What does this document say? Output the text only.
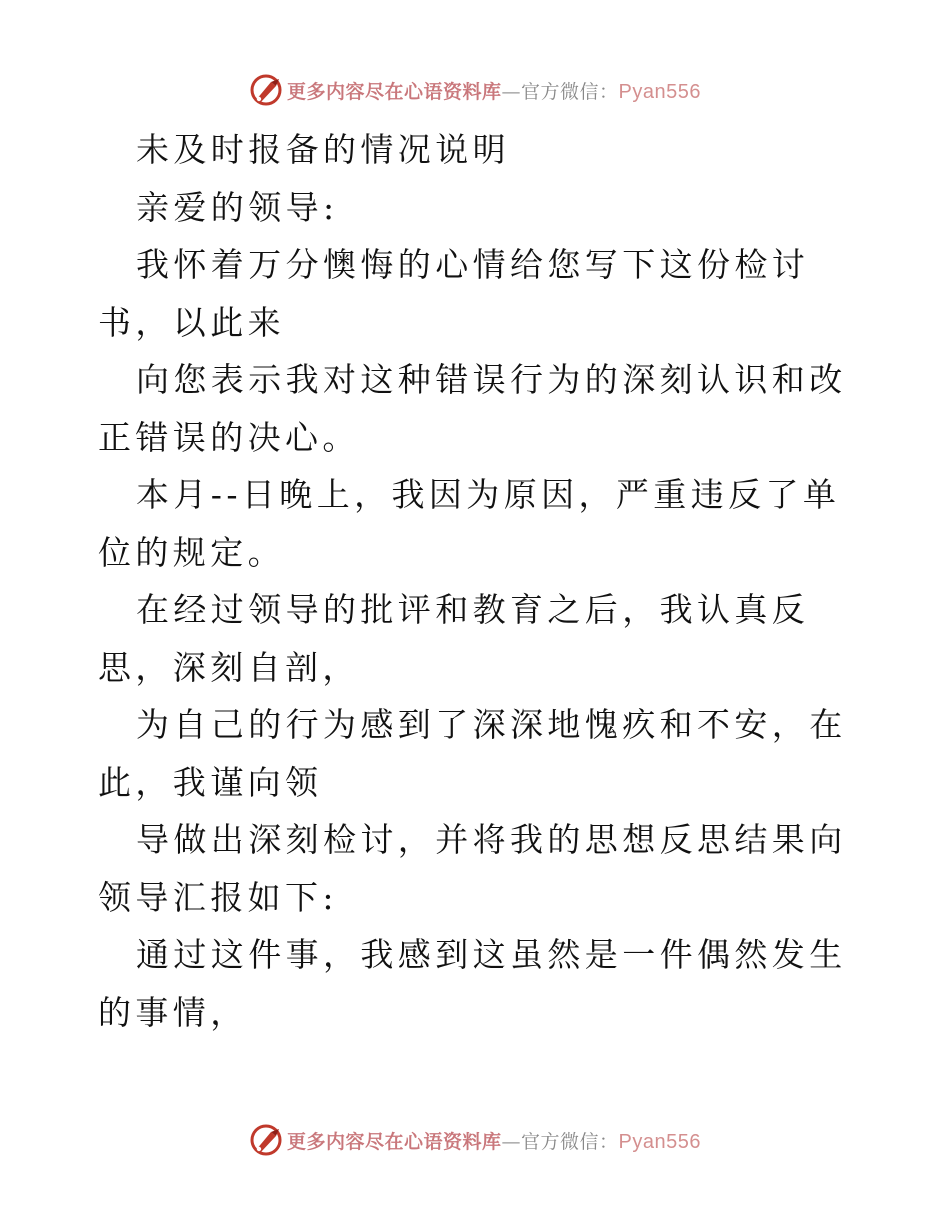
更多内容尽在心语资料库—官方微信：Pyan556

未及时报备的情况说明

亲爱的领导:

我怀着万分懊悔的心情给您写下这份检讨书，以此来

向您表示我对这种错误行为的深刻认识和改正错误的决心。

本月--日晚上，我因为原因，严重违反了单位的规定。

在经过领导的批评和教育之后，我认真反思，深刻自剖，

为自己的行为感到了深深地愧疚和不安，在此，我谨向领

导做出深刻检讨，并将我的思想反思结果向领导汇报如下:

通过这件事，我感到这虽然是一件偶然发生的事情，

更多内容尽在心语资料库—官方微信：Pyan556
